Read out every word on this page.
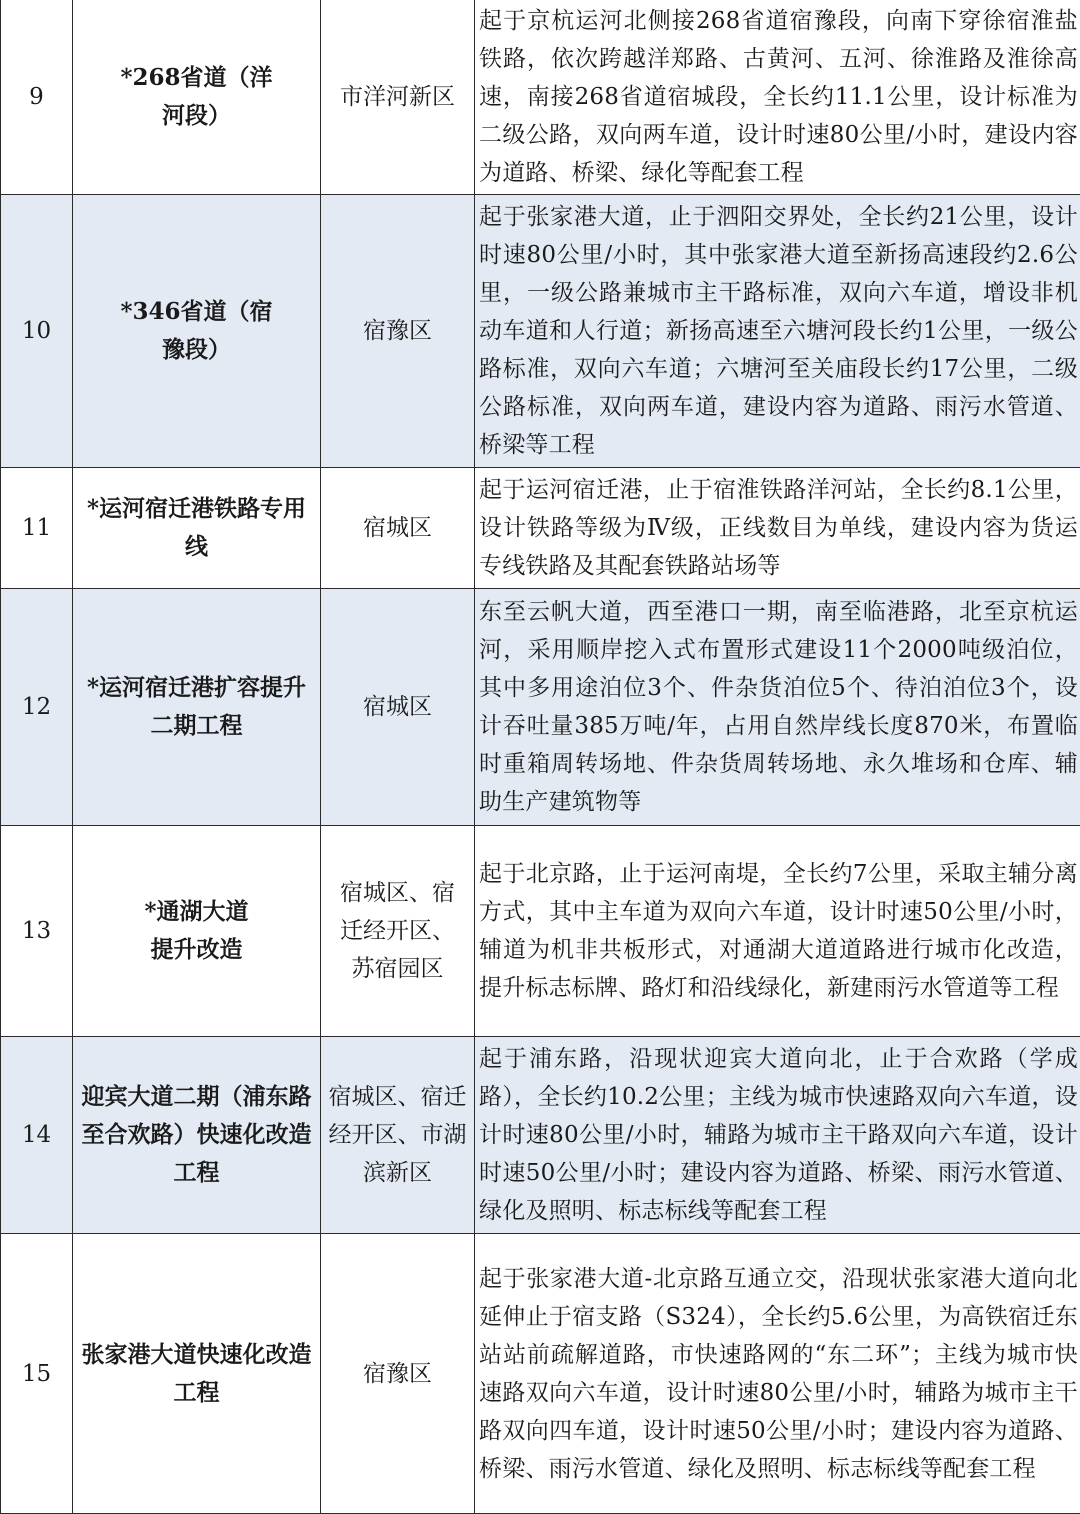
9	*268省道（洋河段）	市洋河新区	起于京杭运河北侧接268省道宿豫段，向南下穿徐宿淮盐铁路，依次跨越洋郑路、古黄河、五河、徐淮路及淮徐高速，南接268省道宿城段，全长约11.1公里，设计标准为二级公路，双向两车道，设计时速80公里/小时，建设内容为道路、桥梁、绿化等配套工程
10	*346省道（宿豫段）	宿豫区	起于张家港大道，止于泗阳交界处，全长约21公里，设计时速80公里/小时，其中张家港大道至新扬高速段约2.6公里，一级公路兼城市主干路标准，双向六车道，增设非机动车道和人行道；新扬高速至六塘河段长约1公里，一级公路标准，双向六车道；六塘河至关庙段长约17公里，二级公路标准，双向两车道，建设内容为道路、雨污水管道、桥梁等工程
11	*运河宿迁港铁路专用线	宿城区	起于运河宿迁港，止于宿淮铁路洋河站，全长约8.1公里，设计铁路等级为Ⅳ级，正线数目为单线，建设内容为货运专线铁路及其配套铁路站场等
12	*运河宿迁港扩容提升二期工程	宿城区	东至云帆大道，西至港口一期，南至临港路，北至京杭运河，采用顺岸挖入式布置形式建设11个2000吨级泊位，其中多用途泊位3个、件杂货泊位5个、待泊泊位3个，设计吞吐量385万吨/年，占用自然岸线长度870米，布置临时重箱周转场地、件杂货周转场地、永久堆场和仓库、辅助生产建筑物等
13	*通湖大道提升改造	宿城区、宿迁经开区、苏宿园区	起于北京路，止于运河南堤，全长约7公里，采取主辅分离方式，其中主车道为双向六车道，设计时速50公里/小时，辅道为机非共板形式，对通湖大道道路进行城市化改造，提升标志标牌、路灯和沿线绿化，新建雨污水管道等工程
14	迎宾大道二期（浦东路至合欢路）快速化改造工程	宿城区、宿迁经开区、市湖滨新区	起于浦东路，沿现状迎宾大道向北，止于合欢路（学成路），全长约10.2公里；主线为城市快速路双向六车道，设计时速80公里/小时，辅路为城市主干路双向六车道，设计时速50公里/小时；建设内容为道路、桥梁、雨污水管道、绿化及照明、标志标线等配套工程
15	张家港大道快速化改造工程	宿豫区	起于张家港大道-北京路互通立交，沿现状张家港大道向北延伸止于宿支路（S324），全长约5.6公里，为高铁宿迁东站站前疏解道路，市快速路网的“东二环”；主线为城市快速路双向六车道，设计时速80公里/小时，辅路为城市主干路双向四车道，设计时速50公里/小时；建设内容为道路、桥梁、雨污水管道、绿化及照明、标志标线等配套工程
